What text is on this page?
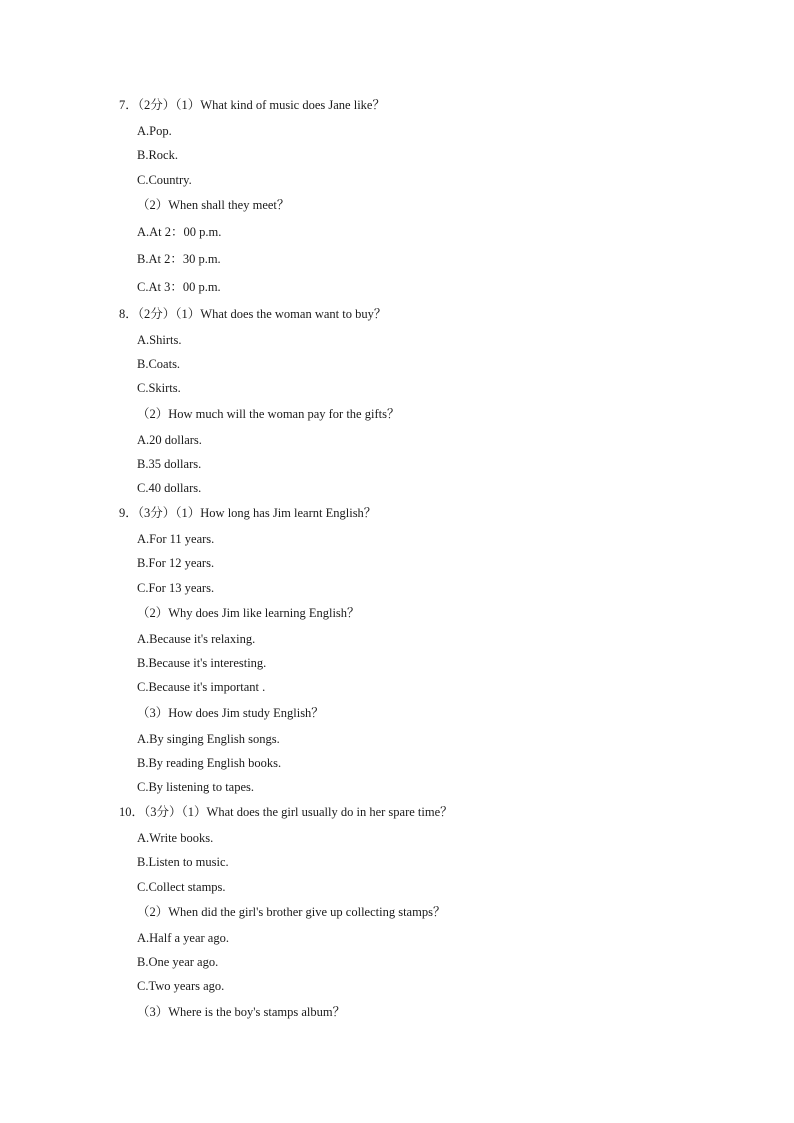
7．（2分）（1）What kind of music does Jane like？
A.Pop.
B.Rock.
C.Country.
（2）When shall they meet？
A.At 2：00 p.m.
B.At 2：30 p.m.
C.At 3：00 p.m.
8．（2分）（1）What does the woman want to buy？
A.Shirts.
B.Coats.
C.Skirts.
（2）How much will the woman pay for the gifts？
A.20 dollars.
B.35 dollars.
C.40 dollars.
9．（3分）（1）How long has Jim learnt English？
A.For 11 years.
B.For 12 years.
C.For 13 years.
（2）Why does Jim like learning English？
A.Because it's relaxing.
B.Because it's interesting.
C.Because it's important .
（3）How does Jim study English？
A.By singing English songs.
B.By reading English books.
C.By listening to tapes.
10．（3分）（1）What does the girl usually do in her spare time？
A.Write books.
B.Listen to music.
C.Collect stamps.
（2）When did the girl's brother give up collecting stamps？
A.Half a year ago.
B.One year ago.
C.Two years ago.
（3）Where is the boy's stamps album？
